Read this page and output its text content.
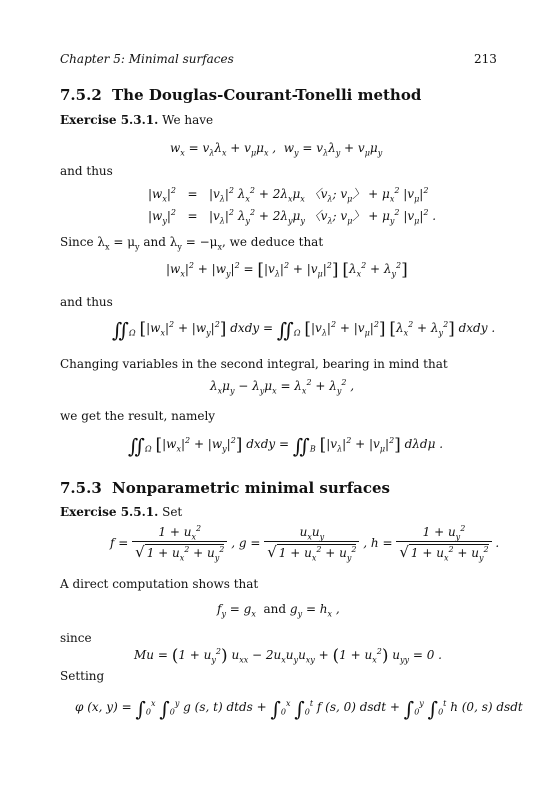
Chapter 5: Minimal surfaces	213
7.5.2 The Douglas-Courant-Tonelli method
Exercise 5.3.1. We have
$w_x = v_\lambda\lambda_x + v_\mu\mu_x$ ,  $w_y = v_\lambda\lambda_y + v_\mu\mu_y$
and thus
$|w_x|^2 = |v_\lambda|^2$ $\lambda_x^2 + 2\lambda_x\mu_x$ 〈$v_\lambda$; $v_\mu$〉 + $\mu_x^2$ $|v_\mu|^2$
$|w_y|^2 = |v_\lambda|^2$ $\lambda_y^2 + 2\lambda_y\mu_y$ 〈$v_\lambda$; $v_\mu$〉 + $\mu_y^2$ $|v_\mu|^2$ .
Since $\lambda_x = \mu_y$ and $\lambda_y = -\mu_x$, we deduce that
$|w_x|^2 + |w_y|^2 = [|v_\lambda|^2 + |v_\mu|^2] [\lambda_x^2 + \lambda_y^2]$
and thus
$∬_\Omega$ $[|w_x|^2 + |w_y|^2]$ dxdy = $∬_\Omega$ $[|v_\lambda|^2 + |v_\mu|^2] [\lambda_x^2 + \lambda_y^2]$ dxdy .
Changing variables in the second integral, bearing in mind that
$\lambda_x\mu_y - \lambda_y\mu_x = \lambda_x^2 + \lambda_y^2$ ,
we get the result, namely
$∬_\Omega$ $[|w_x|^2 + |w_y|^2]$ dxdy = $∬_B$ $[|v_\lambda|^2 + |v_\mu|^2]$ dλdμ .
7.5.3 Nonparametric minimal surfaces
Exercise 5.5.1. Set
$f = \frac{1 + u_x^2}{√ 1 + u_x^2 + u_y^2}$ , $g = \frac{u_xu_y}{√ 1 + u_x^2 + u_y^2}$ , $h = \frac{1 + u_y^2}{√ 1 + u_x^2 + u_y^2}$ .
A direct computation shows that
$f_y = g_x$ and $g_y = h_x$ ,
since
$Mu = (1 + u_y^2)$ $u_{xx} - 2u_xu_yu_{xy} + (1 + u_x^2) u_{yy} = 0$ .
Setting
φ (x, $y) = \int_0^x$ $\int_0^y$ g (s, t) dtds + $\int_0^x$ $\int_0^t$ f (s, 0) dsdt + $\int_0^y$ $\int_0^t$ h (0, s) dsdt
